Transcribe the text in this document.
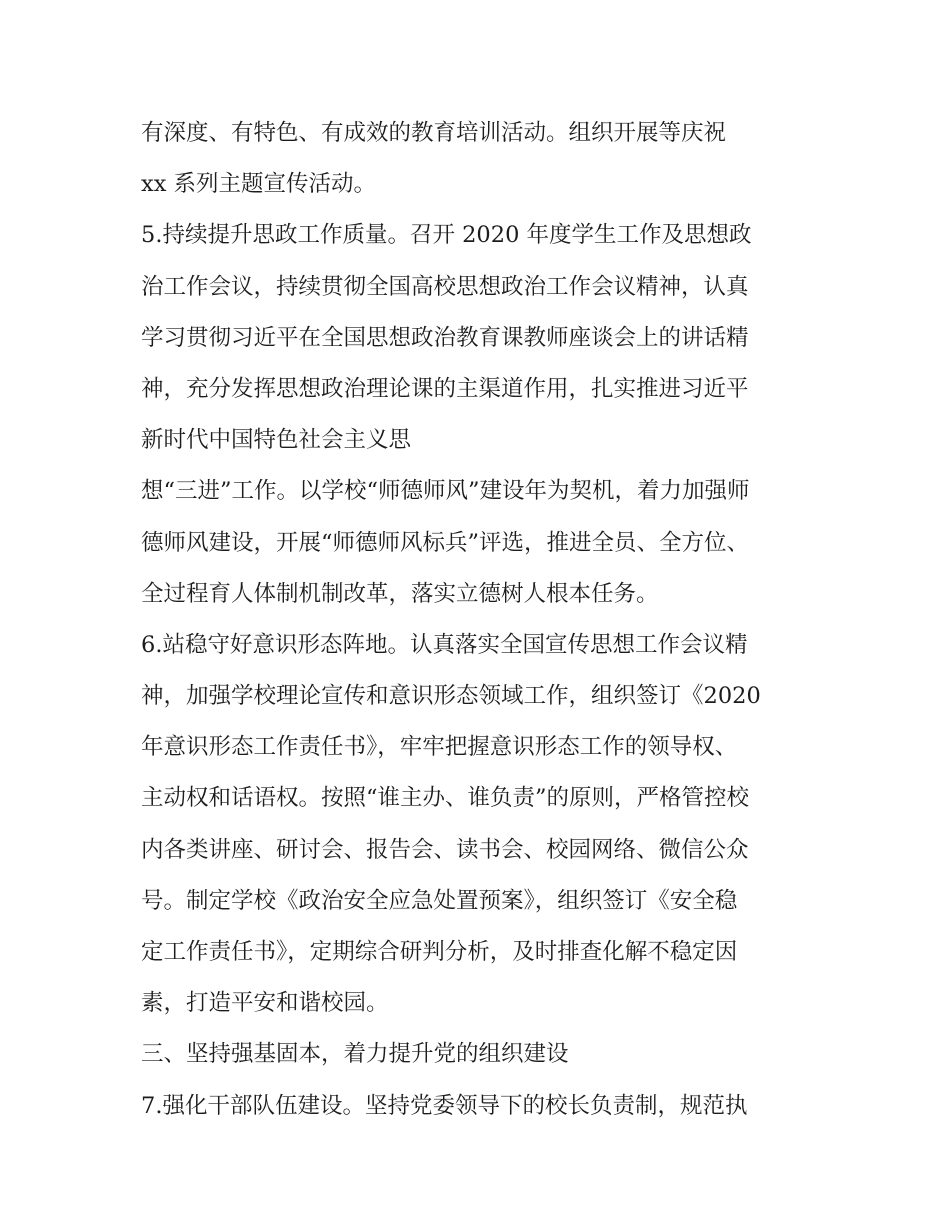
有深度、有特色、有成效的教育培训活动。组织开展等庆祝
xx 系列主题宣传活动。
5.持续提升思政工作质量。召开 2020 年度学生工作及思想政
治工作会议，持续贯彻全国高校思想政治工作会议精神，认真
学习贯彻习近平在全国思想政治教育课教师座谈会上的讲话精
神，充分发挥思想政治理论课的主渠道作用，扎实推进习近平
新时代中国特色社会主义思
想“三进”工作。以学校“师德师风”建设年为契机，着力加强师
德师风建设，开展“师德师风标兵”评选，推进全员、全方位、
全过程育人体制机制改革，落实立德树人根本任务。
6.站稳守好意识形态阵地。认真落实全国宣传思想工作会议精
神，加强学校理论宣传和意识形态领域工作，组织签订《2020
年意识形态工作责任书》，牢牢把握意识形态工作的领导权、
主动权和话语权。按照“谁主办、谁负责”的原则，严格管控校
内各类讲座、研讨会、报告会、读书会、校园网络、微信公众
号。制定学校《政治安全应急处置预案》，组织签订《安全稳
定工作责任书》，定期综合研判分析，及时排查化解不稳定因
素，打造平安和谐校园。
三、坚持强基固本，着力提升党的组织建设
7.强化干部队伍建设。坚持党委领导下的校长负责制，规范执
